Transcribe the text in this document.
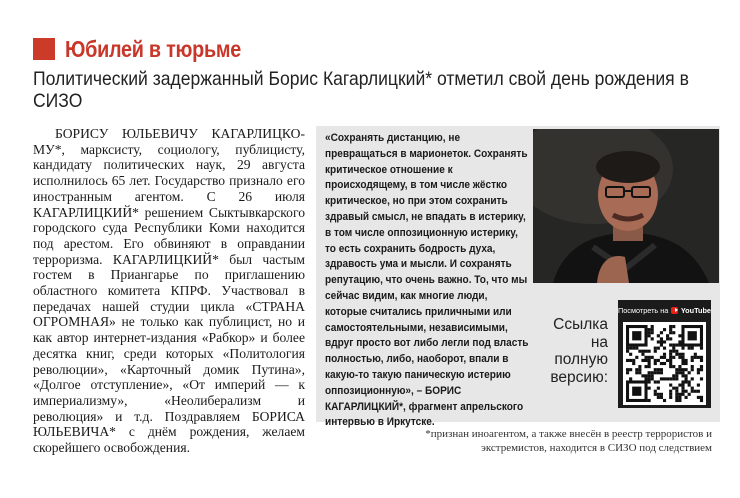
Юбилей в тюрьме
Политический задержанный Борис Кагарлицкий* отметил свой день рождения в СИЗО
БОРИСУ ЮЛЬЕВИЧУ КАГАРЛИЦКОМУ*, марксисту, социологу, публицисту, кандидату политических наук, 29 августа исполнилось 65 лет. Государство признало его иностранным агентом. С 26 июля КАГАРЛИЦКИЙ* решением Сыктывкарского городского суда Республики Коми находится под арестом. Его обвиняют в оправдании терроризма. КАГАРЛИЦКИЙ* был частым гостем в Приангарье по приглашению областного комитета КПРФ. Участвовал в передачах нашей студии цикла «СТРАНА ОГРОМНАЯ» не только как публицист, но и как автор интернет-издания «Рабкор» и более десятка книг, среди которых «Политология революции», «Карточный домик Путина», «Долгое отступление», «От империй — к империализму», «Неолиберализм и революция» и т.д. Поздравляем БОРИСА ЮЛЬЕВИЧА* с днём рождения, желаем скорейшего освобождения.
«Сохранять дистанцию, не превращаться в марионеток. Сохранять критическое отношение к происходящему, в том числе жёстко критическое, но при этом сохранить здравый смысл, не впадать в истерику, в том числе оппозиционную истерику, то есть сохранить бодрость духа, здравость ума и мысли. И сохранять репутацию, что очень важно. То, что мы сейчас видим, как многие люди, которые считались приличными или самостоятельными, независимыми, вдруг просто вот либо легли под власть полностью, либо, наоборот, впали в какую-то такую паническую истерию оппозиционную», – БОРИС КАГАРЛИЦКИЙ*, фрагмент апрельского интервью в Иркутске.
Ссылка на полную версию:
Посмотреть на YouTube
*признан иноагентом, а также внесён в реестр террористов и экстремистов, находится в СИЗО под следствием
